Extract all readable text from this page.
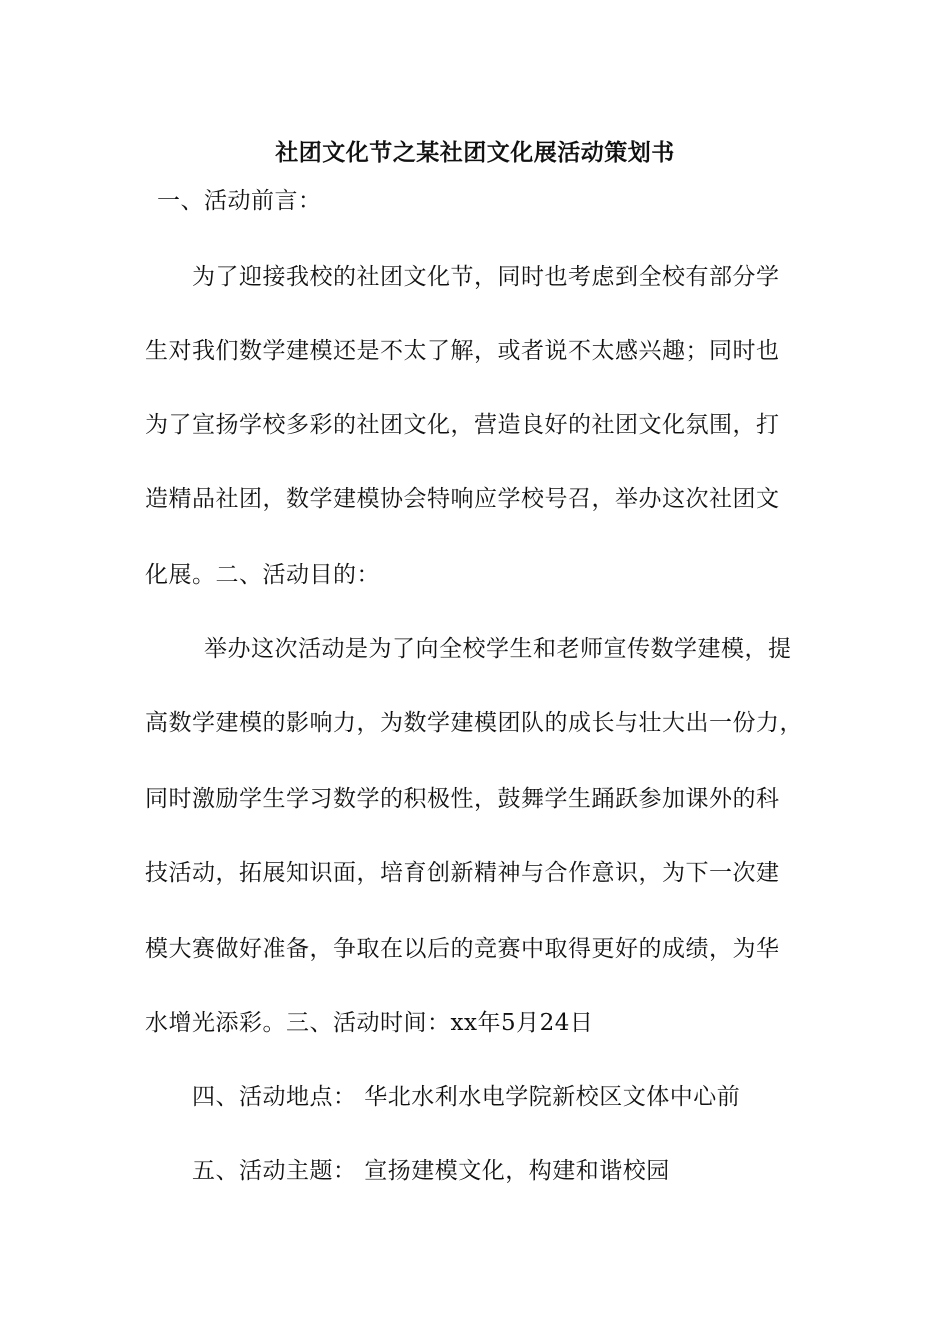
社团文化节之某社团文化展活动策划书
一、活动前言：
为了迎接我校的社团文化节，同时也考虑到全校有部分学
生对我们数学建模还是不太了解，或者说不太感兴趣；同时也
为了宣扬学校多彩的社团文化，营造良好的社团文化氛围，打
造精品社团，数学建模协会特响应学校号召，举办这次社团文
化展。二、活动目的：
举办这次活动是为了向全校学生和老师宣传数学建模，提
高数学建模的影响力，为数学建模团队的成长与壮大出一份力，
同时激励学生学习数学的积极性，鼓舞学生踊跃参加课外的科
技活动，拓展知识面，培育创新精神与合作意识，为下一次建
模大赛做好准备，争取在以后的竞赛中取得更好的成绩，为华
水增光添彩。三、活动时间：xx年5月24日
四、活动地点： 华北水利水电学院新校区文体中心前
五、活动主题： 宣扬建模文化，构建和谐校园
